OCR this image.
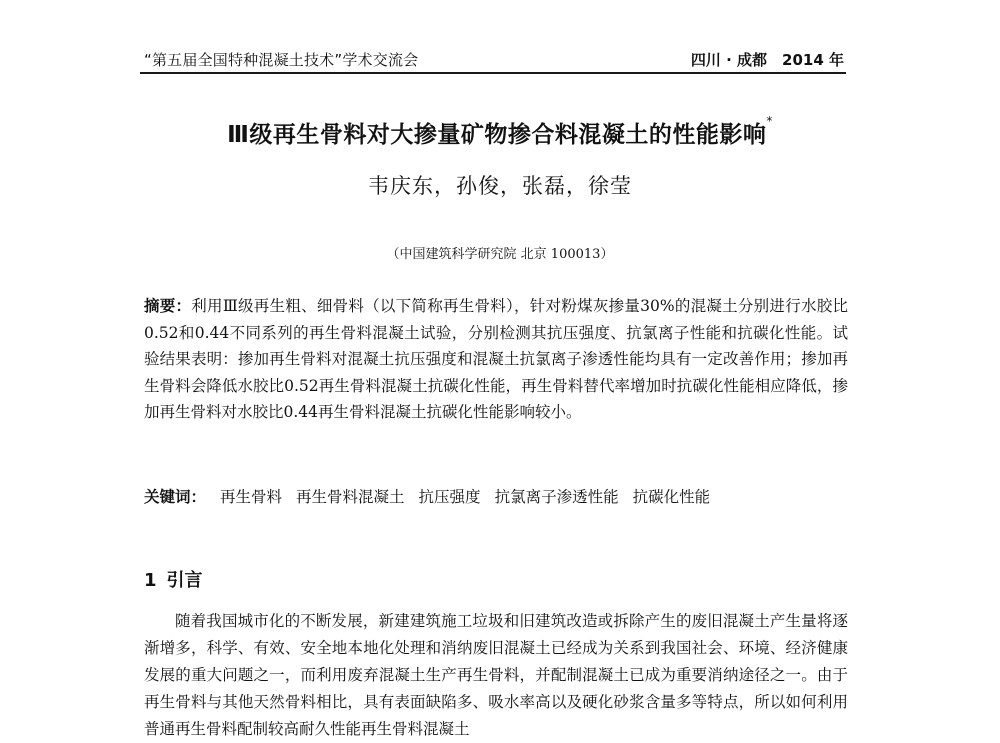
“第五届全国特种混凝土技术”学术交流会	四川 · 成都　2014 年
Ⅲ级再生骨料对大掺量矿物掺合料混凝土的性能影响*
韦庆东，孙俊，张磊，徐莹
（中国建筑科学研究院 北京 100013）
摘要：利用Ⅲ级再生粗、细骨料（以下简称再生骨料），针对粉煤灰掺量30%的混凝土分别进行水胶比0.52和0.44不同系列的再生骨料混凝土试验，分别检测其抗压强度、抗氯离子性能和抗碳化性能。试验结果表明：掺加再生骨料对混凝土抗压强度和混凝土抗氯离子渗透性能均具有一定改善作用；掺加再生骨料会降低水胶比0.52再生骨料混凝土抗碳化性能，再生骨料替代率增加时抗碳化性能相应降低，掺加再生骨料对水胶比0.44再生骨料混凝土抗碳化性能影响较小。
关键词： 再生骨料 再生骨料混凝土 抗压强度 抗氯离子渗透性能 抗碳化性能
1 引言
随着我国城市化的不断发展，新建建筑施工垃圾和旧建筑改造或拆除产生的废旧混凝土产生量将逐渐增多，科学、有效、安全地本地化处理和消纳废旧混凝土已经成为关系到我国社会、环境、经济健康发展的重大问题之一，而利用废弃混凝土生产再生骨料，并配制混凝土已成为重要消纳途径之一。由于再生骨料与其他天然骨料相比，具有表面缺陷多、吸水率高以及硬化砂浆含量多等特点，所以如何利用普通再生骨料配制较高耐久性能再生骨料混凝土
